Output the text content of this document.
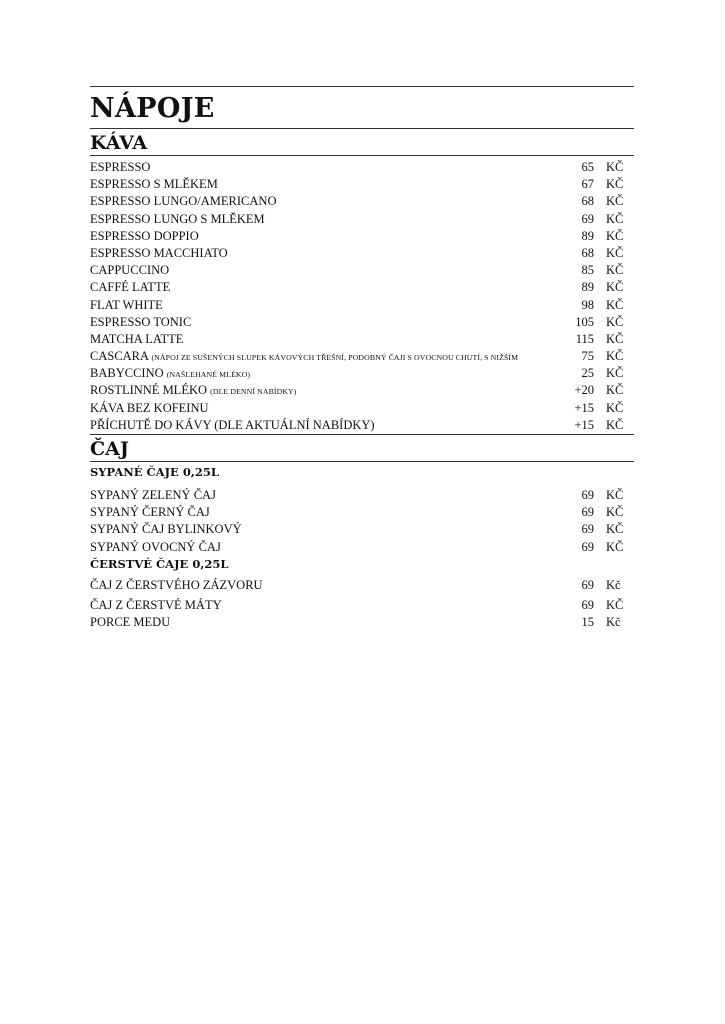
NÁPOJE
KÁVA
ESPRESSO	65 KČ
ESPRESSO S MLĚKEM	67 KČ
ESPRESSO LUNGO/AMERICANO	68 KČ
ESPRESSO LUNGO S MLĚKEM	69 KČ
ESPRESSO DOPPIO	89 KČ
ESPRESSO MACCHIATO	68 KČ
CAPPUCCINO	85 KČ
CAFFÉ LATTE	89 KČ
FLAT WHITE	98 KČ
ESPRESSO TONIC	105 KČ
MATCHA LATTE	115 KČ
CASCARA (NÁPOJ ZE SUŠENÝCH SLUPEK KÁVOVÝCH TŘEŠNÍ, PODOBNÝ ČAJI S OVOCNOU CHUTÍ, S NIŽŠÍM	75 KČ
BABYCCINO (NAŠLEHANÉ MLÉKO)	25 KČ
ROSTLINNÉ MLÉKO (DLE DENNÍ NABÍDKY)	+20 KČ
KÁVA BEZ KOFEINU	+15 KČ
PŘÍCHUTĚ DO KÁVY (DLE AKTUÁLNÍ NABÍDKY)	+15 KČ
ČAJ
SYPANÉ ČAJE 0,25L
SYPANÝ ZELENÝ ČAJ	69 KČ
SYPANÝ ČERNÝ ČAJ	69 KČ
SYPANÝ ČAJ BYLINKOVÝ	69 KČ
SYPANÝ OVOCNÝ ČAJ	69 KČ
ČERSTVÉ ČAJE 0,25L
ČAJ Z ČERSTVÉHO ZÁZVORU	69 Kč
ČAJ Z ČERSTVÉ MÁTY	69 KČ
PORCE MEDU	15 Kč
